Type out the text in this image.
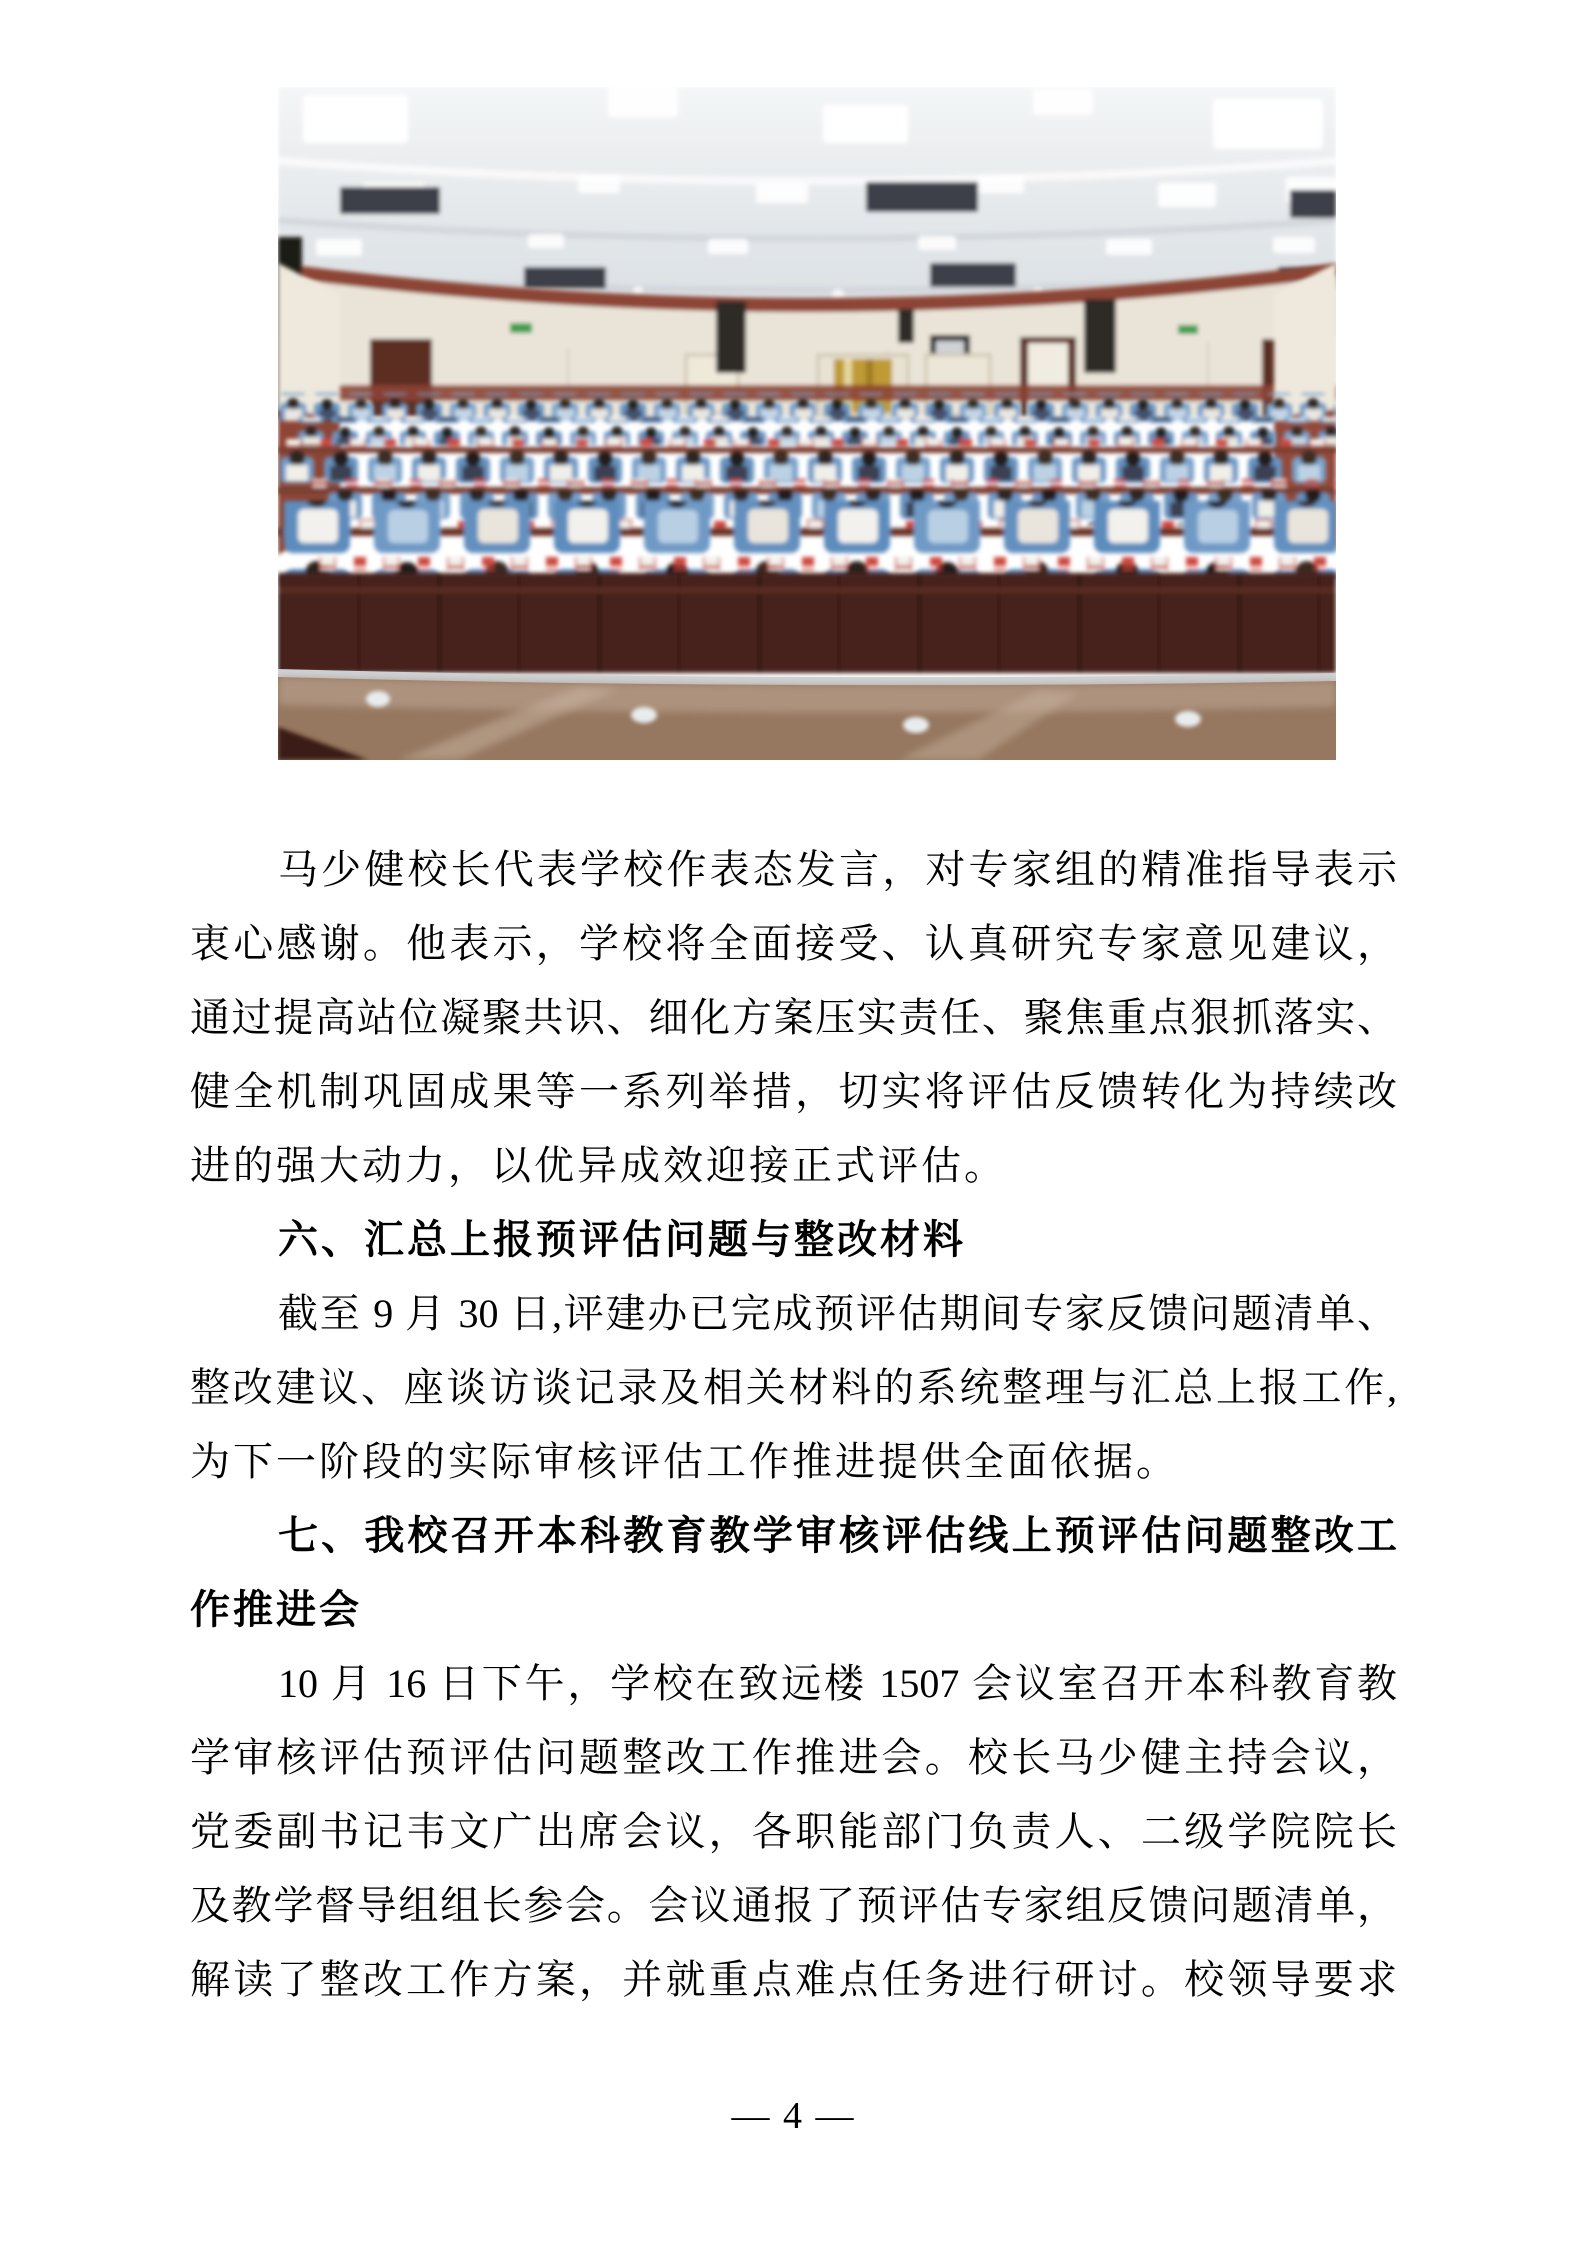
马少健校长代表学校作表态发言，对专家组的精准指导表示
衷心感谢。他表示，学校将全面接受、认真研究专家意见建议，
通过提高站位凝聚共识、细化方案压实责任、聚焦重点狠抓落实、
健全机制巩固成果等一系列举措，切实将评估反馈转化为持续改
进的强大动力，以优异成效迎接正式评估。
六、汇总上报预评估问题与整改材料
截至 9 月 30 日,评建办已完成预评估期间专家反馈问题清单、
整改建议、座谈访谈记录及相关材料的系统整理与汇总上报工作,
为下一阶段的实际审核评估工作推进提供全面依据。
七、我校召开本科教育教学审核评估线上预评估问题整改工
作推进会
10 月 16 日下午，学校在致远楼 1507 会议室召开本科教育教
学审核评估预评估问题整改工作推进会。校长马少健主持会议，
党委副书记韦文广出席会议，各职能部门负责人、二级学院院长
及教学督导组组长参会。会议通报了预评估专家组反馈问题清单，
解读了整改工作方案，并就重点难点任务进行研讨。校领导要求
— 4 —
